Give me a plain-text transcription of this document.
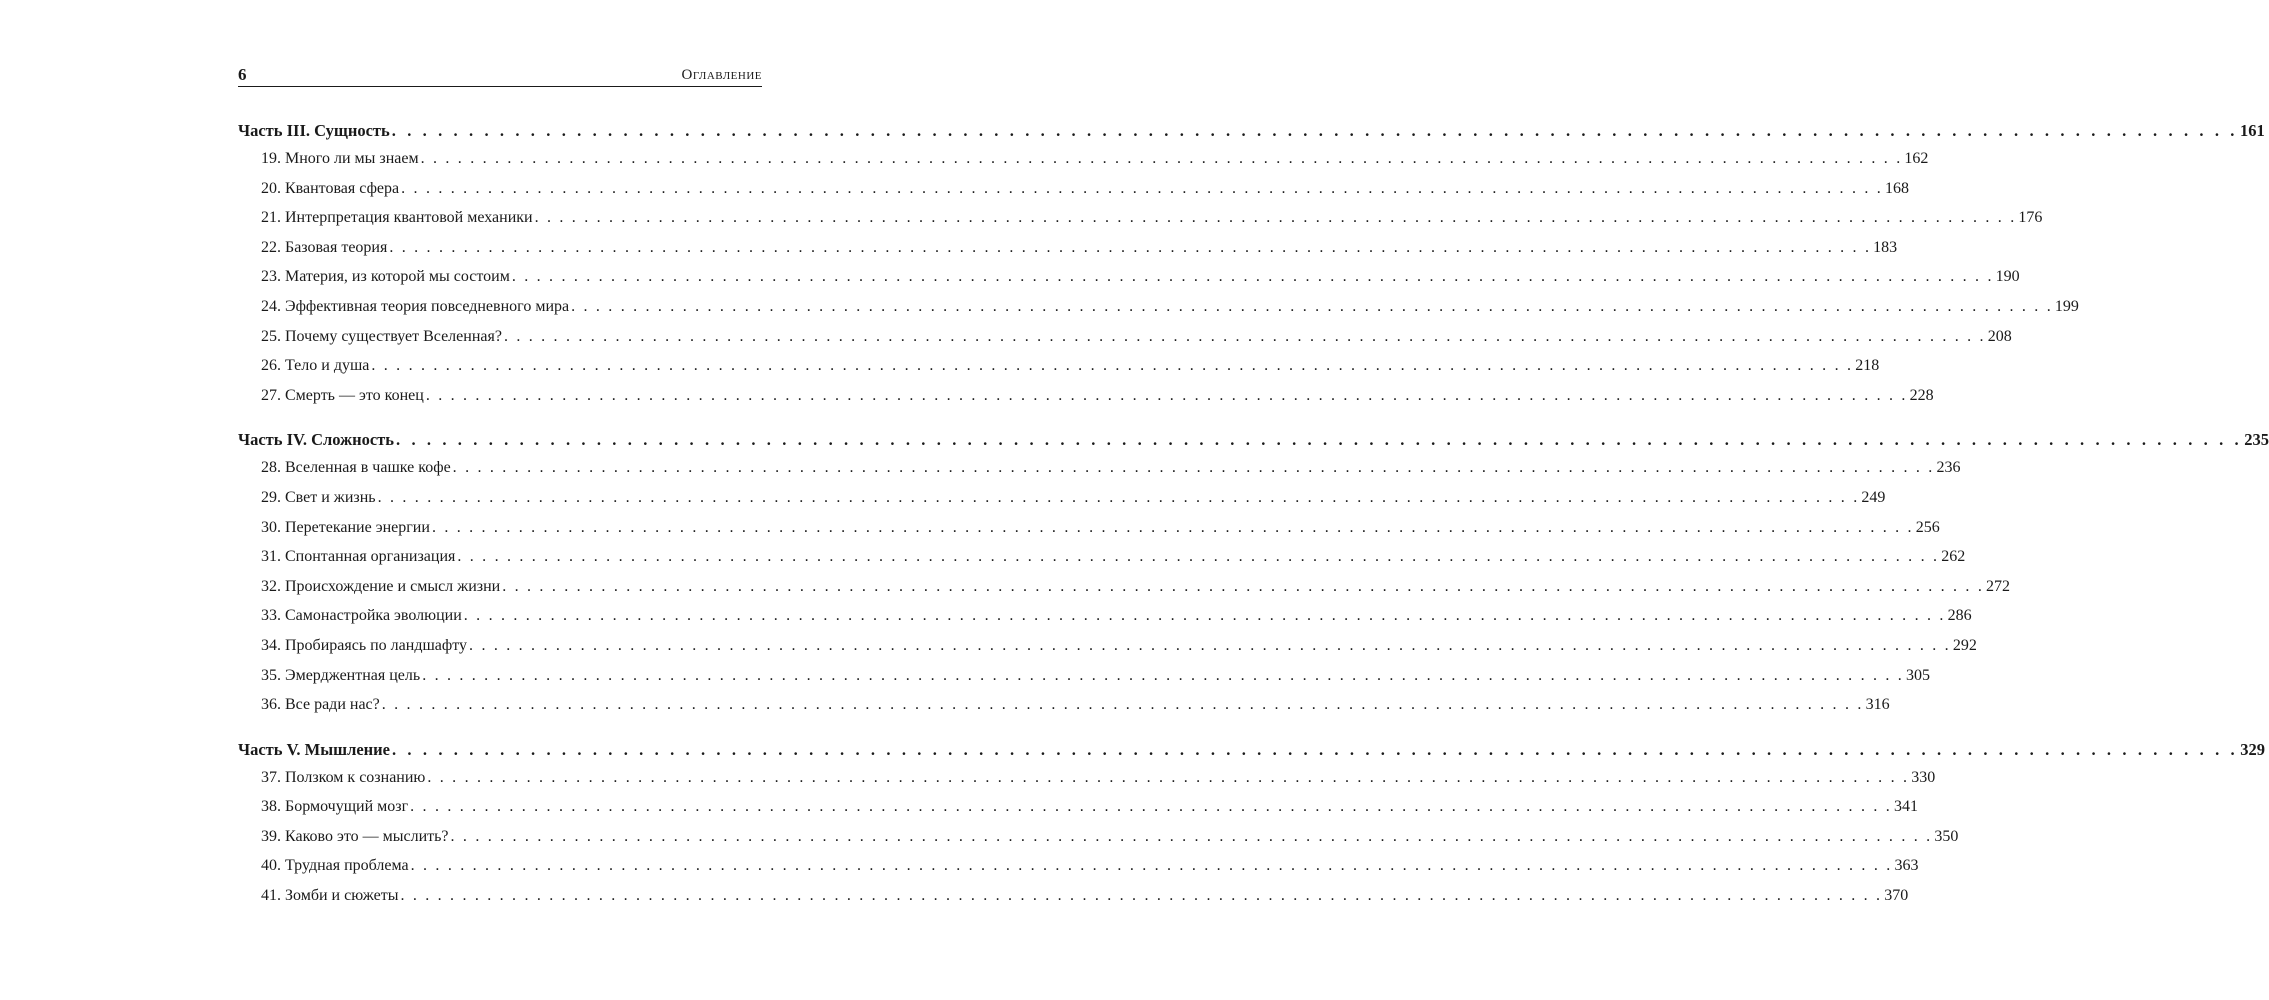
6	Оглавление
Часть III. Сущность . . . . . . . . . . . . . . . . . . . . . . . . . . . . . . . . . . . . . . . . . . . . . . . . . . . . . . . . . . . . . . . . . . . . . . . . . . . . . . . . . . . . . . . . . . . . . . . . . . . . . . . . . . . . . . . . . . . . . . . . 161
19. Много ли мы знаем . . . . . . . . . . . . . . . . . . . . . . . . . . . . . . . . . . . . . . . . . . . . . . . . . . . . . . . . . . . . . . . . . . . . . . . . . . . . . . . . . . . . . . . . . . . . . . . . . . . . . . . . . . . . . . . . . . . . . . . . 162
20. Квантовая сфера . . . . . . . . . . . . . . . . . . . . . . . . . . . . . . . . . . . . . . . . . . . . . . . . . . . . . . . . . . . . . . . . . . . . . . . . . . . . . . . . . . . . . . . . . . . . . . . . . . . . . . . . . . . . . . . . . . . . . . . . 168
21. Интерпретация квантовой механики . . . . . . . . . . . . . . . . . . . . . . . . . . . . . . . . . . . . . . . . . . . . . . . . . . . . . . . . . . . . . . . . . . . . . . . . . . . . . . . . . . . . . . . . . . . . . . . . . . . . . . . . . . . . . . . . . . . . . . . . 176
22. Базовая теория . . . . . . . . . . . . . . . . . . . . . . . . . . . . . . . . . . . . . . . . . . . . . . . . . . . . . . . . . . . . . . . . . . . . . . . . . . . . . . . . . . . . . . . . . . . . . . . . . . . . . . . . . . . . . . . . . . . . . . . . 183
23. Материя, из которой мы состоим . . . . . . . . . . . . . . . . . . . . . . . . . . . . . . . . . . . . . . . . . . . . . . . . . . . . . . . . . . . . . . . . . . . . . . . . . . . . . . . . . . . . . . . . . . . . . . . . . . . . . . . . . . . . . . . . . . . . . . . . 190
24. Эффективная теория повседневного мира . . . . . . . . . . . . . . . . . . . . . . . . . . . . . . . . . . . . . . . . . . . . . . . . . . . . . . . . . . . . . . . . . . . . . . . . . . . . . . . . . . . . . . . . . . . . . . . . . . . . . . . . . . . . . . . . . . . . . . . . 199
25. Почему существует Вселенная? . . . . . . . . . . . . . . . . . . . . . . . . . . . . . . . . . . . . . . . . . . . . . . . . . . . . . . . . . . . . . . . . . . . . . . . . . . . . . . . . . . . . . . . . . . . . . . . . . . . . . . . . . . . . . . . . . . . . . . . . 208
26. Тело и душа . . . . . . . . . . . . . . . . . . . . . . . . . . . . . . . . . . . . . . . . . . . . . . . . . . . . . . . . . . . . . . . . . . . . . . . . . . . . . . . . . . . . . . . . . . . . . . . . . . . . . . . . . . . . . . . . . . . . . . . . 218
27. Смерть — это конец . . . . . . . . . . . . . . . . . . . . . . . . . . . . . . . . . . . . . . . . . . . . . . . . . . . . . . . . . . . . . . . . . . . . . . . . . . . . . . . . . . . . . . . . . . . . . . . . . . . . . . . . . . . . . . . . . . . . . . . . 228
Часть IV. Сложность . . . . . . . . . . . . . . . . . . . . . . . . . . . . . . . . . . . . . . . . . . . . . . . . . . . . . . . . . . . . . . . . . . . . . . . . . . . . . . . . . . . . . . . . . . . . . . . . . . . . . . . . . . . . . . . . . . . . . . . . 235
28. Вселенная в чашке кофе . . . . . . . . . . . . . . . . . . . . . . . . . . . . . . . . . . . . . . . . . . . . . . . . . . . . . . . . . . . . . . . . . . . . . . . . . . . . . . . . . . . . . . . . . . . . . . . . . . . . . . . . . . . . . . . . . . . . . . . . 236
29. Свет и жизнь . . . . . . . . . . . . . . . . . . . . . . . . . . . . . . . . . . . . . . . . . . . . . . . . . . . . . . . . . . . . . . . . . . . . . . . . . . . . . . . . . . . . . . . . . . . . . . . . . . . . . . . . . . . . . . . . . . . . . . . . 249
30. Перетекание энергии . . . . . . . . . . . . . . . . . . . . . . . . . . . . . . . . . . . . . . . . . . . . . . . . . . . . . . . . . . . . . . . . . . . . . . . . . . . . . . . . . . . . . . . . . . . . . . . . . . . . . . . . . . . . . . . . . . . . . . . . 256
31. Спонтанная организация . . . . . . . . . . . . . . . . . . . . . . . . . . . . . . . . . . . . . . . . . . . . . . . . . . . . . . . . . . . . . . . . . . . . . . . . . . . . . . . . . . . . . . . . . . . . . . . . . . . . . . . . . . . . . . . . . . . . . . . . 262
32. Происхождение и смысл жизни . . . . . . . . . . . . . . . . . . . . . . . . . . . . . . . . . . . . . . . . . . . . . . . . . . . . . . . . . . . . . . . . . . . . . . . . . . . . . . . . . . . . . . . . . . . . . . . . . . . . . . . . . . . . . . . . . . . . . . . . 272
33. Самонастройка эволюции . . . . . . . . . . . . . . . . . . . . . . . . . . . . . . . . . . . . . . . . . . . . . . . . . . . . . . . . . . . . . . . . . . . . . . . . . . . . . . . . . . . . . . . . . . . . . . . . . . . . . . . . . . . . . . . . . . . . . . . . 286
34. Пробираясь по ландшафту . . . . . . . . . . . . . . . . . . . . . . . . . . . . . . . . . . . . . . . . . . . . . . . . . . . . . . . . . . . . . . . . . . . . . . . . . . . . . . . . . . . . . . . . . . . . . . . . . . . . . . . . . . . . . . . . . . . . . . . . 292
35. Эмерджентная цель . . . . . . . . . . . . . . . . . . . . . . . . . . . . . . . . . . . . . . . . . . . . . . . . . . . . . . . . . . . . . . . . . . . . . . . . . . . . . . . . . . . . . . . . . . . . . . . . . . . . . . . . . . . . . . . . . . . . . . . . 305
36. Все ради нас? . . . . . . . . . . . . . . . . . . . . . . . . . . . . . . . . . . . . . . . . . . . . . . . . . . . . . . . . . . . . . . . . . . . . . . . . . . . . . . . . . . . . . . . . . . . . . . . . . . . . . . . . . . . . . . . . . . . . . . . . 316
Часть V. Мышление . . . . . . . . . . . . . . . . . . . . . . . . . . . . . . . . . . . . . . . . . . . . . . . . . . . . . . . . . . . . . . . . . . . . . . . . . . . . . . . . . . . . . . . . . . . . . . . . . . . . . . . . . . . . . . . . . . . . . . . . 329
37. Ползком к сознанию . . . . . . . . . . . . . . . . . . . . . . . . . . . . . . . . . . . . . . . . . . . . . . . . . . . . . . . . . . . . . . . . . . . . . . . . . . . . . . . . . . . . . . . . . . . . . . . . . . . . . . . . . . . . . . . . . . . . . . . . 330
38. Бормочущий мозг . . . . . . . . . . . . . . . . . . . . . . . . . . . . . . . . . . . . . . . . . . . . . . . . . . . . . . . . . . . . . . . . . . . . . . . . . . . . . . . . . . . . . . . . . . . . . . . . . . . . . . . . . . . . . . . . . . . . . . . . 341
39. Каково это — мыслить? . . . . . . . . . . . . . . . . . . . . . . . . . . . . . . . . . . . . . . . . . . . . . . . . . . . . . . . . . . . . . . . . . . . . . . . . . . . . . . . . . . . . . . . . . . . . . . . . . . . . . . . . . . . . . . . . . . . . . . . . 350
40. Трудная проблема . . . . . . . . . . . . . . . . . . . . . . . . . . . . . . . . . . . . . . . . . . . . . . . . . . . . . . . . . . . . . . . . . . . . . . . . . . . . . . . . . . . . . . . . . . . . . . . . . . . . . . . . . . . . . . . . . . . . . . . . 363
41. Зомби и сюжеты . . . . . . . . . . . . . . . . . . . . . . . . . . . . . . . . . . . . . . . . . . . . . . . . . . . . . . . . . . . . . . . . . . . . . . . . . . . . . . . . . . . . . . . . . . . . . . . . . . . . . . . . . . . . . . . . . . . . . . . . 370
